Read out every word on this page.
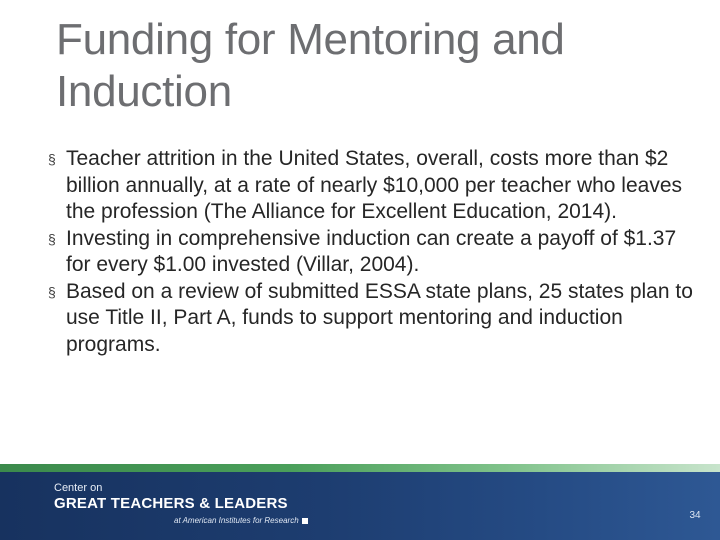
Funding for Mentoring and
Induction
§ Teacher attrition in the United States, overall, costs more than $2 billion annually, at a rate of nearly $10,000 per teacher who leaves the profession (The Alliance for Excellent Education, 2014).
§ Investing in comprehensive induction can create a payoff of $1.37 for every $1.00 invested (Villar, 2004).
§ Based on a review of submitted ESSA state plans, 25 states plan to use Title II, Part A, funds to support mentoring and induction programs.
Center on
GREAT TEACHERS & LEADERS
at American Institutes for Research	34
